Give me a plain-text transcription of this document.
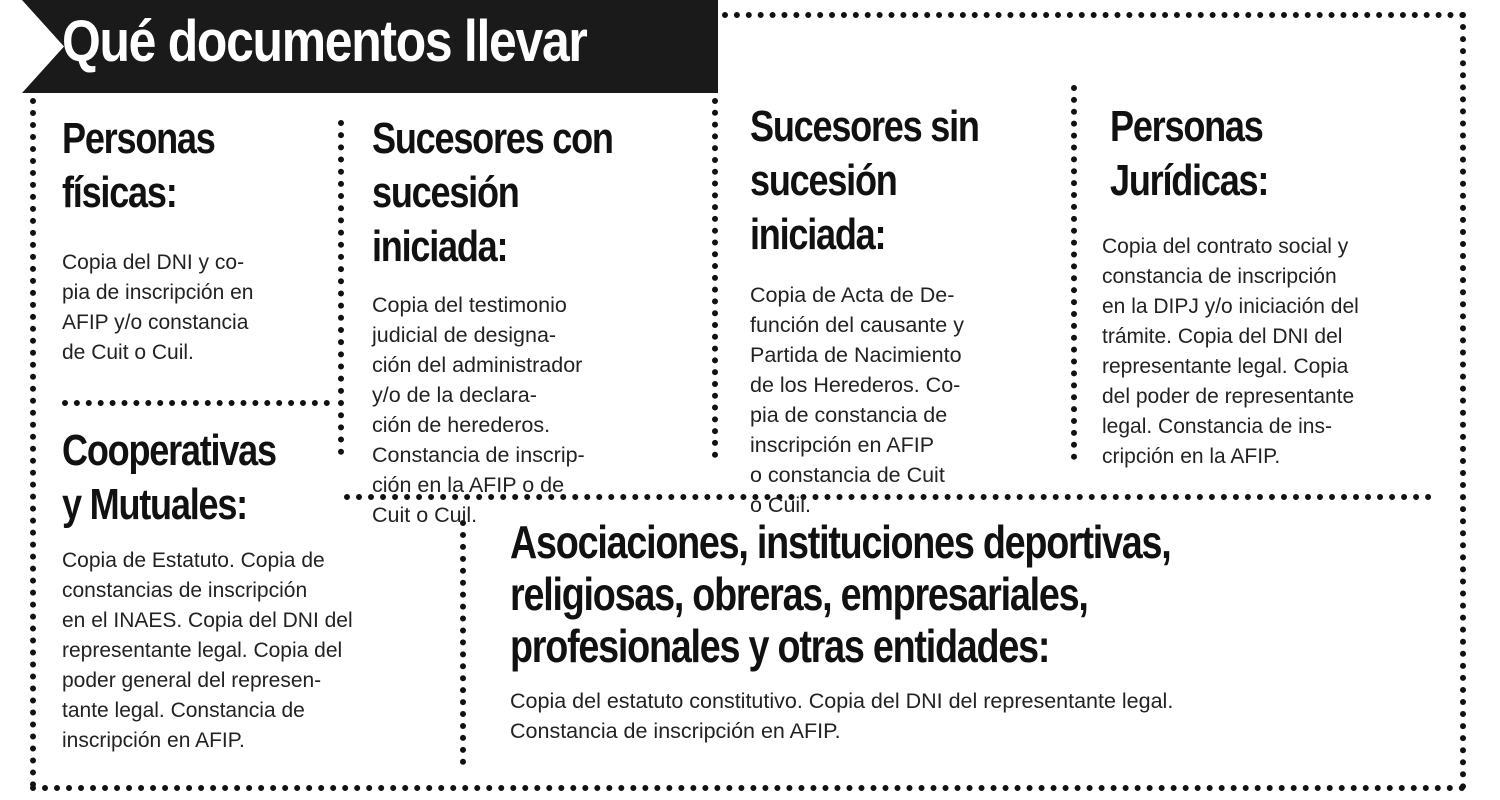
Qué documentos llevar
Personas
físicas:
Copia del DNI y co-
pia de inscripción en
AFIP y/o constancia
de Cuit o Cuil.
Sucesores con
sucesión iniciada:
Copia del testimonio
judicial de designa-
ción del administrador
y/o de la declara-
ción de herederos.
Constancia de inscrip-
ción en la AFIP o de
Cuit o Cuil.
Sucesores sin
sucesión iniciada:
Copia de Acta de De-
función del causante y
Partida de Nacimiento
de los Herederos. Co-
pia de constancia de
inscripción en AFIP
o constancia de Cuit
o Cuil.
Personas
Jurídicas:
Copia del contrato social y
constancia de inscripción
en la DIPJ y/o iniciación del
trámite. Copia del DNI del
representante legal. Copia
del poder de representante
legal. Constancia de ins-
cripción en la AFIP.
Cooperativas
y Mutuales:
Copia de Estatuto. Copia de
constancias de inscripción
en el INAES. Copia del DNI del
representante legal. Copia del
poder general del represen-
tante legal. Constancia de
inscripción en AFIP.
Asociaciones, instituciones deportivas,
religiosas, obreras, empresariales,
profesionales y otras entidades:
Copia del estatuto constitutivo. Copia del DNI del representante legal.
Constancia de inscripción en AFIP.
